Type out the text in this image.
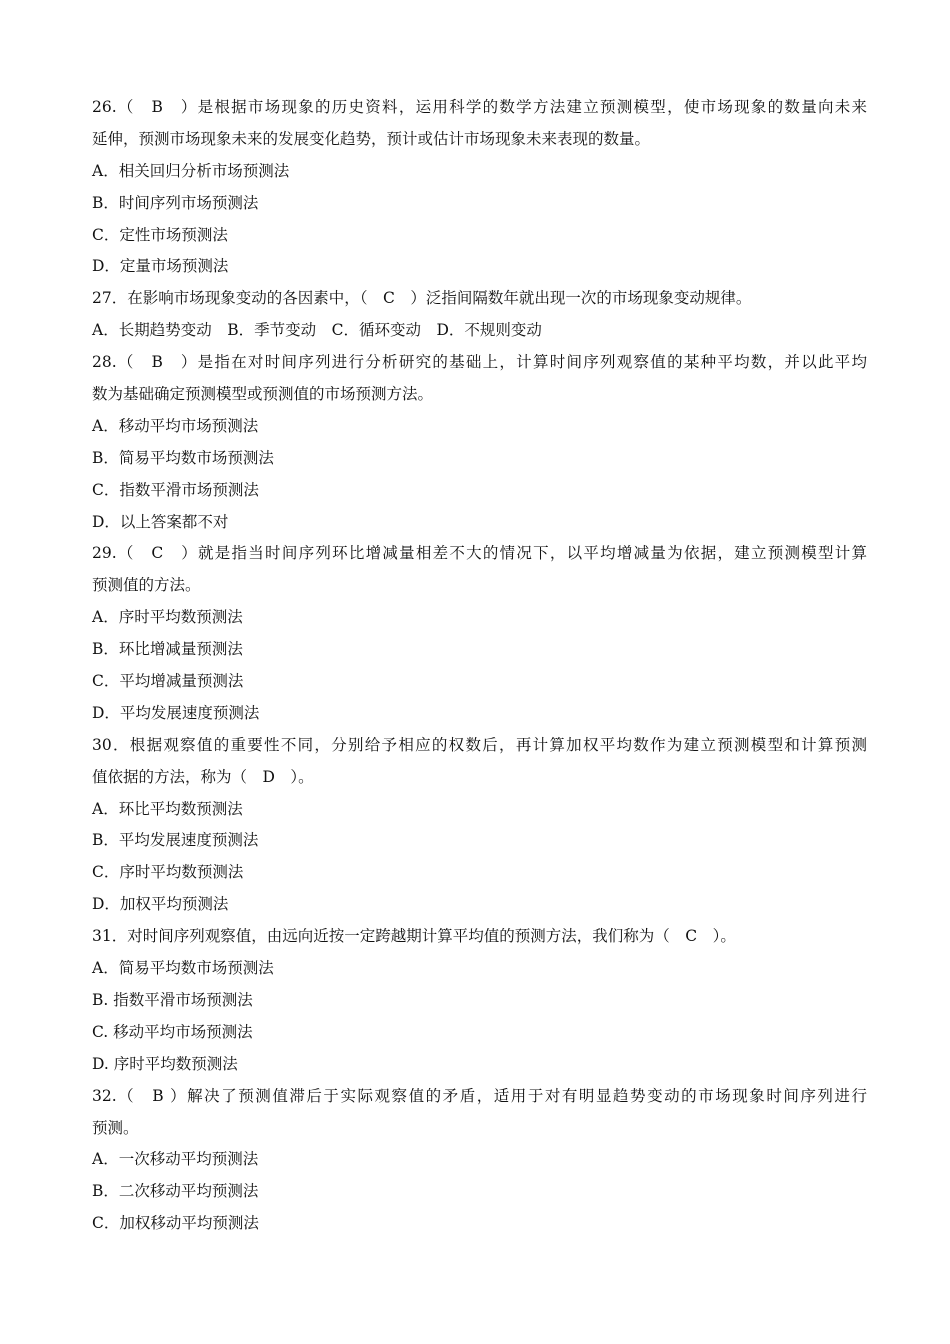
26.（　B　）是根据市场现象的历史资料，运用科学的数学方法建立预测模型，使市场现象的数量向未来
延伸，预测市场现象未来的发展变化趋势，预计或估计市场现象未来表现的数量。
A．相关回归分析市场预测法
B．时间序列市场预测法
C．定性市场预测法
D．定量市场预测法
27．在影响市场现象变动的各因素中，（　C　）泛指间隔数年就出现一次的市场现象变动规律。
A．长期趋势变动　B．季节变动　C．循环变动　D．不规则变动
28.（　B　）是指在对时间序列进行分析研究的基础上，计算时间序列观察值的某种平均数，并以此平均
数为基础确定预测模型或预测值的市场预测方法。
A．移动平均市场预测法
B．简易平均数市场预测法
C．指数平滑市场预测法
D．以上答案都不对
29.（　C　）就是指当时间序列环比增减量相差不大的情况下，以平均增减量为依据，建立预测模型计算
预测值的方法。
A．序时平均数预测法
B．环比增减量预测法
C．平均增减量预测法
D．平均发展速度预测法
30．根据观察值的重要性不同，分别给予相应的权数后，再计算加权平均数作为建立预测模型和计算预测
值依据的方法，称为（　D　）。
A．环比平均数预测法
B．平均发展速度预测法
C．序时平均数预测法
D．加权平均预测法
31．对时间序列观察值，由远向近按一定跨越期计算平均值的预测方法，我们称为（　C　）。
A．简易平均数市场预测法
B. 指数平滑市场预测法
C. 移动平均市场预测法
D. 序时平均数预测法
32.（　B ）解决了预测值滞后于实际观察值的矛盾，适用于对有明显趋势变动的市场现象时间序列进行
预测。
A．一次移动平均预测法
B．二次移动平均预测法
C．加权移动平均预测法
